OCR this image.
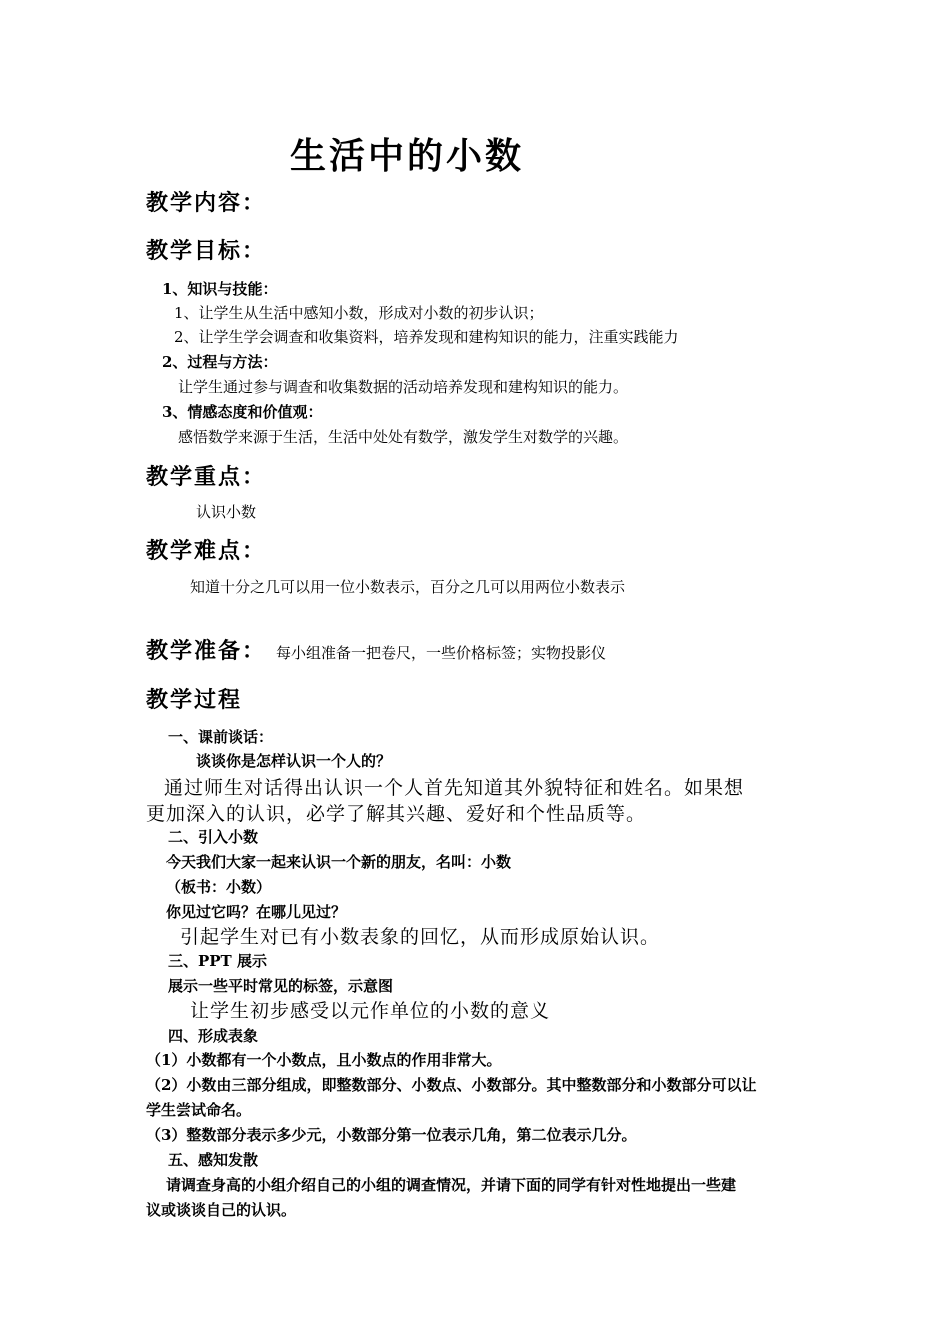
生活中的小数
教学内容：
教学目标：
1、知识与技能：
1、让学生从生活中感知小数，形成对小数的初步认识；
2、让学生学会调查和收集资料，培养发现和建构知识的能力，注重实践能力
2、过程与方法：
让学生通过参与调查和收集数据的活动培养发现和建构知识的能力。
3、情感态度和价值观：
感悟数学来源于生活，生活中处处有数学，激发学生对数学的兴趣。
教学重点：
认识小数
教学难点：
知道十分之几可以用一位小数表示，百分之几可以用两位小数表示
教学准备： 每小组准备一把卷尺，一些价格标签；实物投影仪
教学过程
一、课前谈话：
谈谈你是怎样认识一个人的？
通过师生对话得出认识一个人首先知道其外貌特征和姓名。如果想
更加深入的认识，必学了解其兴趣、爱好和个性品质等。
二、引入小数
今天我们大家一起来认识一个新的朋友，名叫：小数
（板书：小数）
你见过它吗？在哪儿见过？
引起学生对已有小数表象的回忆，从而形成原始认识。
三、PPT 展示
展示一些平时常见的标签，示意图
让学生初步感受以元作单位的小数的意义
四、形成表象
（1）小数都有一个小数点，且小数点的作用非常大。
（2）小数由三部分组成，即整数部分、小数点、小数部分。其中整数部分和小数部分可以让
学生尝试命名。
（3）整数部分表示多少元，小数部分第一位表示几角，第二位表示几分。
五、感知发散
请调查身高的小组介绍自己的小组的调查情况，并请下面的同学有针对性地提出一些建
议或谈谈自己的认识。
